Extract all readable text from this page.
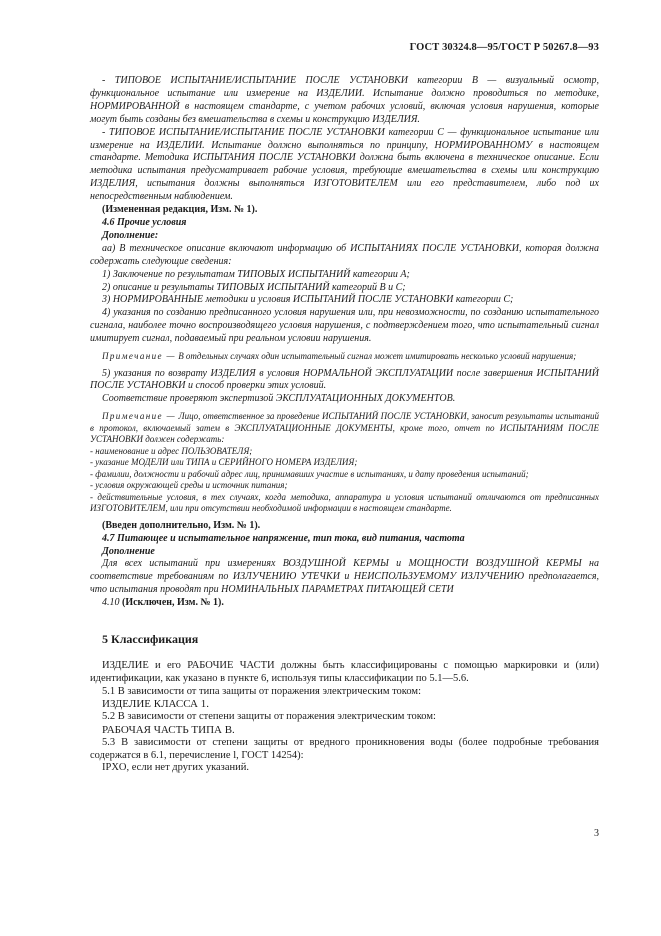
ГОСТ 30324.8—95/ГОСТ Р 50267.8—93

- ТИПОВОЕ ИСПЫТАНИЕ/ИСПЫТАНИЕ ПОСЛЕ УСТАНОВКИ категории В — визуальный осмотр, функциональное испытание или измерение на ИЗДЕЛИИ. Испытание должно проводиться по методике, НОРМИРОВАННОЙ в настоящем стандарте, с учетом рабочих условий, включая условия нарушения, которые могут быть созданы без вмешательства в схемы и конструкцию ИЗДЕЛИЯ.

- ТИПОВОЕ ИСПЫТАНИЕ/ИСПЫТАНИЕ ПОСЛЕ УСТАНОВКИ категории С — функциональное испытание или измерение на ИЗДЕЛИИ. Испытание должно выполняться по принципу, НОРМИРОВАННОМУ в настоящем стандарте. Методика ИСПЫТАНИЯ ПОСЛЕ УСТАНОВКИ должна быть включена в техническое описание. Если методика испытания предусматривает рабочие условия, требующие вмешательства в схемы или конструкцию ИЗДЕЛИЯ, испытания должны выполняться ИЗГОТОВИТЕЛЕМ или его представителем, либо под их непосредственным наблюдением.

(Измененная редакция, Изм. № 1).

4.6 Прочие условия

Дополнение:

аа) В техническое описание включают информацию об ИСПЫТАНИЯХ ПОСЛЕ УСТАНОВКИ, которая должна содержать следующие сведения:

1) Заключение по результатам ТИПОВЫХ ИСПЫТАНИЙ категории А;

2) описание и результаты ТИПОВЫХ ИСПЫТАНИЙ категорий В и С;

3) НОРМИРОВАННЫЕ методики и условия ИСПЫТАНИЙ ПОСЛЕ УСТАНОВКИ категории С;

4) указания по созданию предписанного условия нарушения или, при невозможности, по созданию испытательного сигнала, наиболее точно воспроизводящего условия нарушения, с подтверждением того, что испытательный сигнал имитирует сигнал, подаваемый при реальном условии нарушения.

Примечание — В отдельных случаях один испытательный сигнал может имитировать несколько условий нарушения;

5) указания по возврату ИЗДЕЛИЯ в условия НОРМАЛЬНОЙ ЭКСПЛУАТАЦИИ после завершения ИСПЫТАНИЙ ПОСЛЕ УСТАНОВКИ и способ проверки этих условий.

Соответствие проверяют экспертизой ЭКСПЛУАТАЦИОННЫХ ДОКУМЕНТОВ.

Примечание — Лицо, ответственное за проведение ИСПЫТАНИЙ ПОСЛЕ УСТАНОВКИ, заносит результаты испытаний в протокол, включаемый затем в ЭКСПЛУАТАЦИОННЫЕ ДОКУМЕНТЫ, кроме того, отчет по ИСПЫТАНИЯМ ПОСЛЕ УСТАНОВКИ должен содержать:

- наименование и адрес ПОЛЬЗОВАТЕЛЯ;

- указание МОДЕЛИ или ТИПА и СЕРИЙНОГО НОМЕРА ИЗДЕЛИЯ;

- фамилии, должности и рабочий адрес лиц, принимавших участие в испытаниях, и дату проведения испытаний;

- условия окружающей среды и источник питания;

- действительные условия, в тех случаях, когда методика, аппаратура и условия испытаний отличаются от предписанных ИЗГОТОВИТЕЛЕМ, или при отсутствии необходимой информации в настоящем стандарте.

(Введен дополнительно, Изм. № 1).

4.7 Питающее и испытательное напряжение, тип тока, вид питания, частота

Дополнение

Для всех испытаний при измерениях ВОЗДУШНОЙ КЕРМЫ и МОЩНОСТИ ВОЗДУШНОЙ КЕРМЫ на соответствие требованиям по ИЗЛУЧЕНИЮ УТЕЧКИ и НЕИСПОЛЬЗУЕМОМУ ИЗЛУЧЕНИЮ предполагается, что испытания проводят при НОМИНАЛЬНЫХ ПАРАМЕТРАХ ПИТАЮЩЕЙ СЕТИ

4.10 (Исключен, Изм. № 1).

5 Классификация

ИЗДЕЛИЕ и его РАБОЧИЕ ЧАСТИ должны быть классифицированы с помощью маркировки и (или) идентификации, как указано в пункте 6, используя типы классификации по 5.1—5.6.

5.1 В зависимости от типа защиты от поражения электрическим током:

ИЗДЕЛИЕ КЛАССА 1.

5.2 В зависимости от степени защиты от поражения электрическим током:

РАБОЧАЯ ЧАСТЬ ТИПА В.

5.3 В зависимости от степени защиты от вредного проникновения воды (более подробные требования содержатся в 6.1, перечисление l, ГОСТ 14254):

IPXO, если нет других указаний.

3
